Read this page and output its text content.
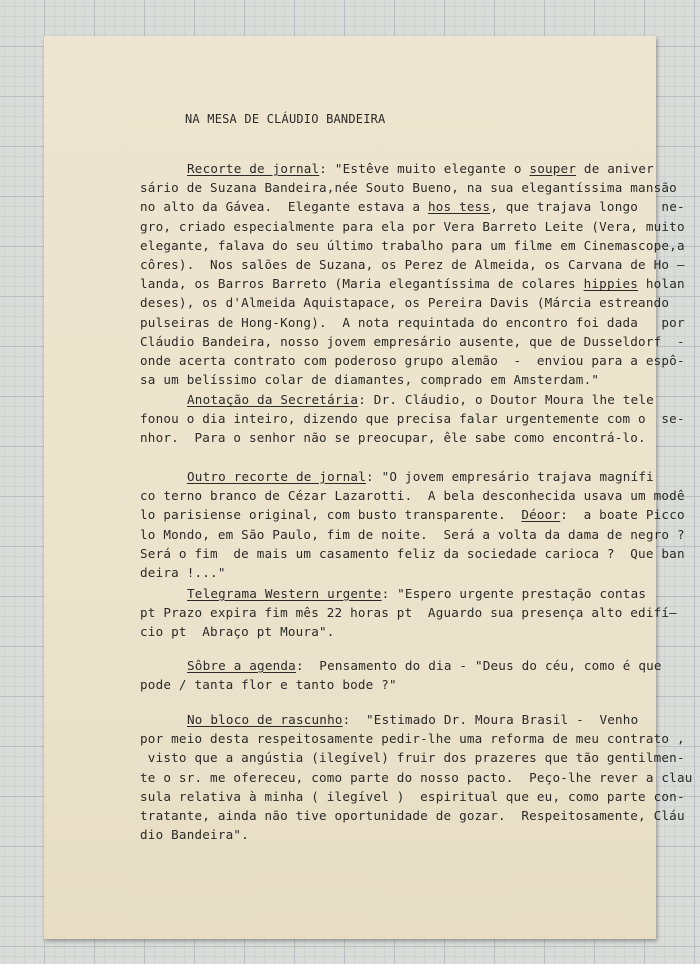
NA MESA DE CLÁUDIO BANDEIRA
Recorte de jornal: "Estêve muito elegante o souper de aniver
sário de Suzana Bandeira,née Souto Bueno, na sua elegantíssima mansão
no alto da Gávea.  Elegante estava a hos tess, que trajava longo   ne-
gro, criado especialmente para ela por Vera Barreto Leite (Vera, muito
elegante, falava do seu último trabalho para um filme em Cinemascope,a
côres).  Nos salões de Suzana, os Perez de Almeida, os Carvana de Ho —
landa, os Barros Barreto (Maria elegantíssima de colares hippies holan
deses), os d'Almeida Aquistapace, os Pereira Davis (Márcia estreando
pulseiras de Hong-Kong).  A nota requintada do encontro foi dada   por
Cláudio Bandeira, nosso jovem empresário ausente, que de Dusseldorf  -
onde acerta contrato com poderoso grupo alemão  -  enviou para a espô-
sa um belíssimo colar de diamantes, comprado em Amsterdam."
Anotação da Secretária: Dr. Cláudio, o Doutor Moura lhe tele
fonou o dia inteiro, dizendo que precisa falar urgentemente com o  se-
nhor.  Para o senhor não se preocupar, êle sabe como encontrá-lo.
Outro recorte de jornal: "O jovem empresário trajava magnífi
co terno branco de Cézar Lazarotti.  A bela desconhecida usava um modê
lo parisiense original, com busto transparente.  Déoor:  a boate Picco
lo Mondo, em São Paulo, fim de noite.  Será a volta da dama de negro ?
Será o fim  de mais um casamento feliz da sociedade carioca ?  Que ban
deira !..."
Telegrama Western urgente: "Espero urgente prestação contas
pt Prazo expira fim mês 22 horas pt  Aguardo sua presença alto edifí—
cio pt  Abraço pt Moura".
Sôbre a agenda:  Pensamento do dia - "Deus do céu, como é que
pode / tanta flor e tanto bode ?"
No bloco de rascunho:  "Estimado Dr. Moura Brasil -  Venho
por meio desta respeitosamente pedir-lhe uma reforma de meu contrato ,
visto que a angústia (ilegível) fruir dos prazeres que tão gentilmen-
te o sr. me ofereceu, como parte do nosso pacto.  Peço-lhe rever a clau
sula relativa à minha ( ilegível )  espiritual que eu, como parte con-
tratante, ainda não tive oportunidade de gozar.  Respeitosamente, Cláu
dio Bandeira".
